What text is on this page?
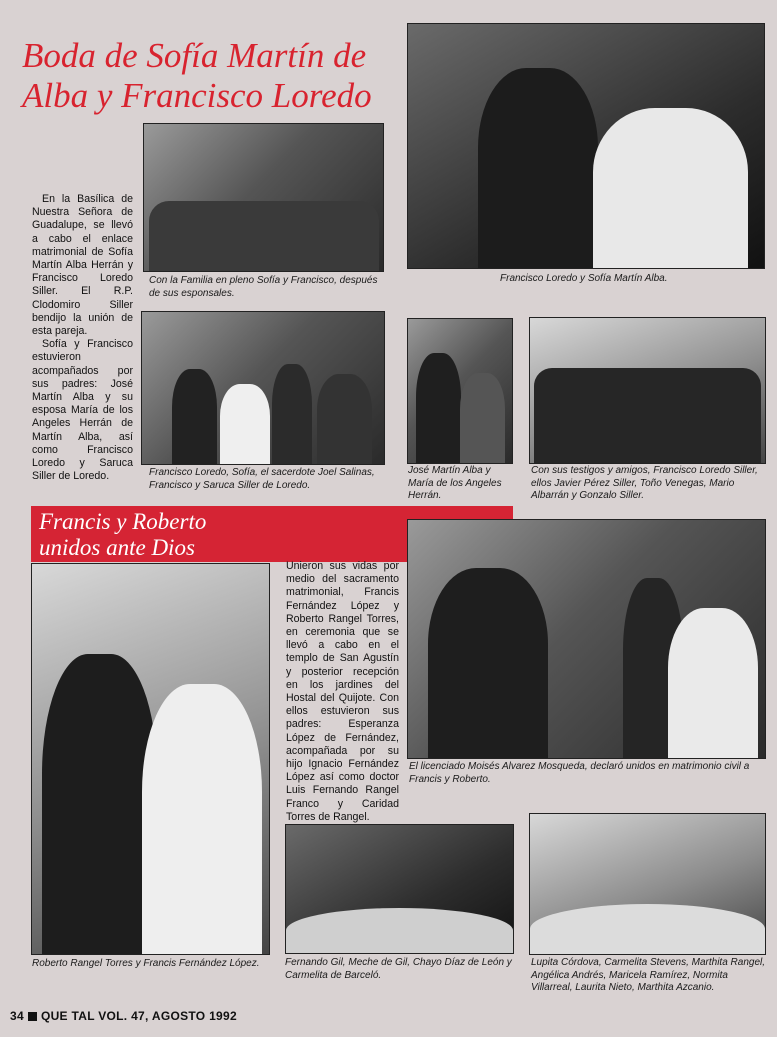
Boda de Sofía Martín de Alba y Francisco Loredo
Francisco Loredo y Sofía Martín Alba.
Con la Familia en pleno Sofía y Francisco, después de sus esponsales.

En la Basílica de Nuestra Señora de Guadalupe, se llevó a cabo el enlace matrimonial de Sofía Martín Alba Herrán y Francisco Loredo Siller. El R.P. Clodomiro Siller bendijo la unión de esta pareja.

Sofía y Francisco estuvieron acompañados por sus padres: José Martín Alba y su esposa María de los Angeles Herrán de Martín Alba, así como Francisco Loredo y Saruca Siller de Loredo.	Francisco Loredo, Sofía, el sacerdote Joel Salinas, Francisco y Saruca Siller de Loredo.
José Martín Alba y María de los Angeles Herrán.
Con sus testigos y amigos, Francisco Loredo Siller, ellos Javier Pérez Siller, Toño Venegas, Mario Albarrán y Gonzalo Siller.
Francis y Roberto
unidos ante Dios
Roberto Rangel Torres y Francis Fernández López.
Unieron sus vidas por medio del sacramento matrimonial, Francis Fernández López y Roberto Rangel Torres, en ceremonia que se llevó a cabo en el templo de San Agustín y posterior recepción en los jardines del Hostal del Quijote. Con ellos estuvieron sus padres: Esperanza López de Fernández, acompañada por su hijo Ignacio Fernández López así como doctor Luis Fernando Rangel Franco y Caridad Torres de Rangel.
El licenciado Moisés Alvarez Mosqueda, declaró unidos en matrimonio civil a Francis y Roberto.
Fernando Gil, Meche de Gil, Chayo Díaz de León y Carmelita de Barceló.
Lupita Córdova, Carmelita Stevens, Marthita Rangel, Angélica Andrés, Maricela Ramírez, Normita Villarreal, Laurita Nieto, Marthita Azcanio.
34 QUE TAL VOL. 47, AGOSTO 1992
